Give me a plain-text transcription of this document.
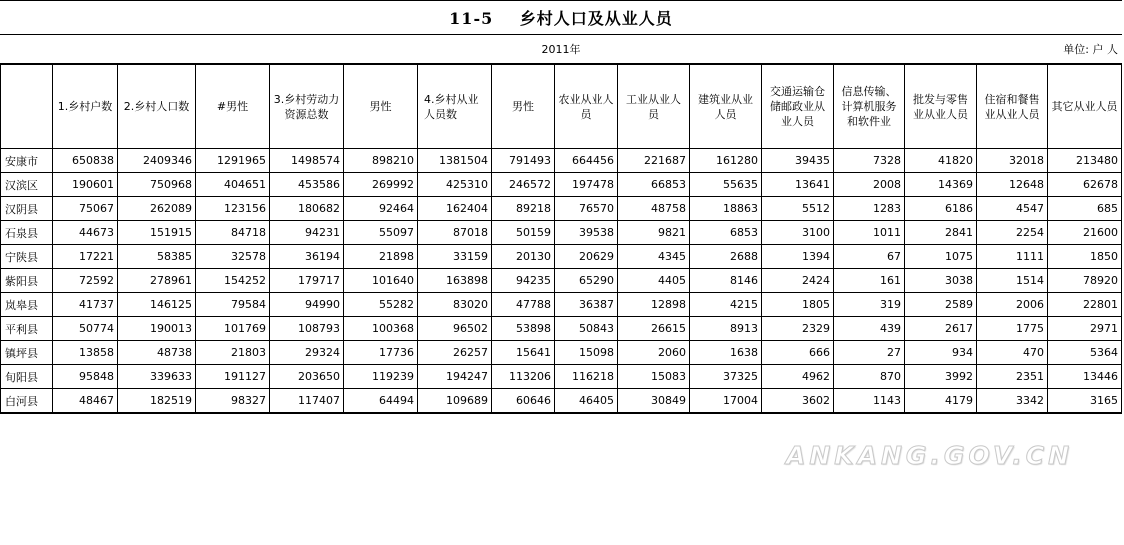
11-5 乡村人口及从业人员
2011年	单位: 户 人
	1.乡村户数	2.乡村人口数	#男性	3.乡村劳动力资源总数	男性	4.乡村从业人员数	男性	农业从业人员	工业从业人员	建筑业从业人员	交通运输仓储邮政业从业人员	信息传输、计算机服务和软件业	批发与零售业从业人员	住宿和餐售业从业人员	其它从业人员
安康市	650838	2409346	1291965	1498574	898210	1381504	791493	664456	221687	161280	39435	7328	41820	32018	213480
汉滨区	190601	750968	404651	453586	269992	425310	246572	197478	66853	55635	13641	2008	14369	12648	62678
汉阴县	75067	262089	123156	180682	92464	162404	89218	76570	48758	18863	5512	1283	6186	4547	685
石泉县	44673	151915	84718	94231	55097	87018	50159	39538	9821	6853	3100	1011	2841	2254	21600
宁陕县	17221	58385	32578	36194	21898	33159	20130	20629	4345	2688	1394	67	1075	1111	1850
紫阳县	72592	278961	154252	179717	101640	163898	94235	65290	4405	8146	2424	161	3038	1514	78920
岚皋县	41737	146125	79584	94990	55282	83020	47788	36387	12898	4215	1805	319	2589	2006	22801
平利县	50774	190013	101769	108793	100368	96502	53898	50843	26615	8913	2329	439	2617	1775	2971
镇坪县	13858	48738	21803	29324	17736	26257	15641	15098	2060	1638	666	27	934	470	5364
旬阳县	95848	339633	191127	203650	119239	194247	113206	116218	15083	37325	4962	870	3992	2351	13446
白河县	48467	182519	98327	117407	64494	109689	60646	46405	30849	17004	3602	1143	4179	3342	3165
ANKANG.GOV.CN
